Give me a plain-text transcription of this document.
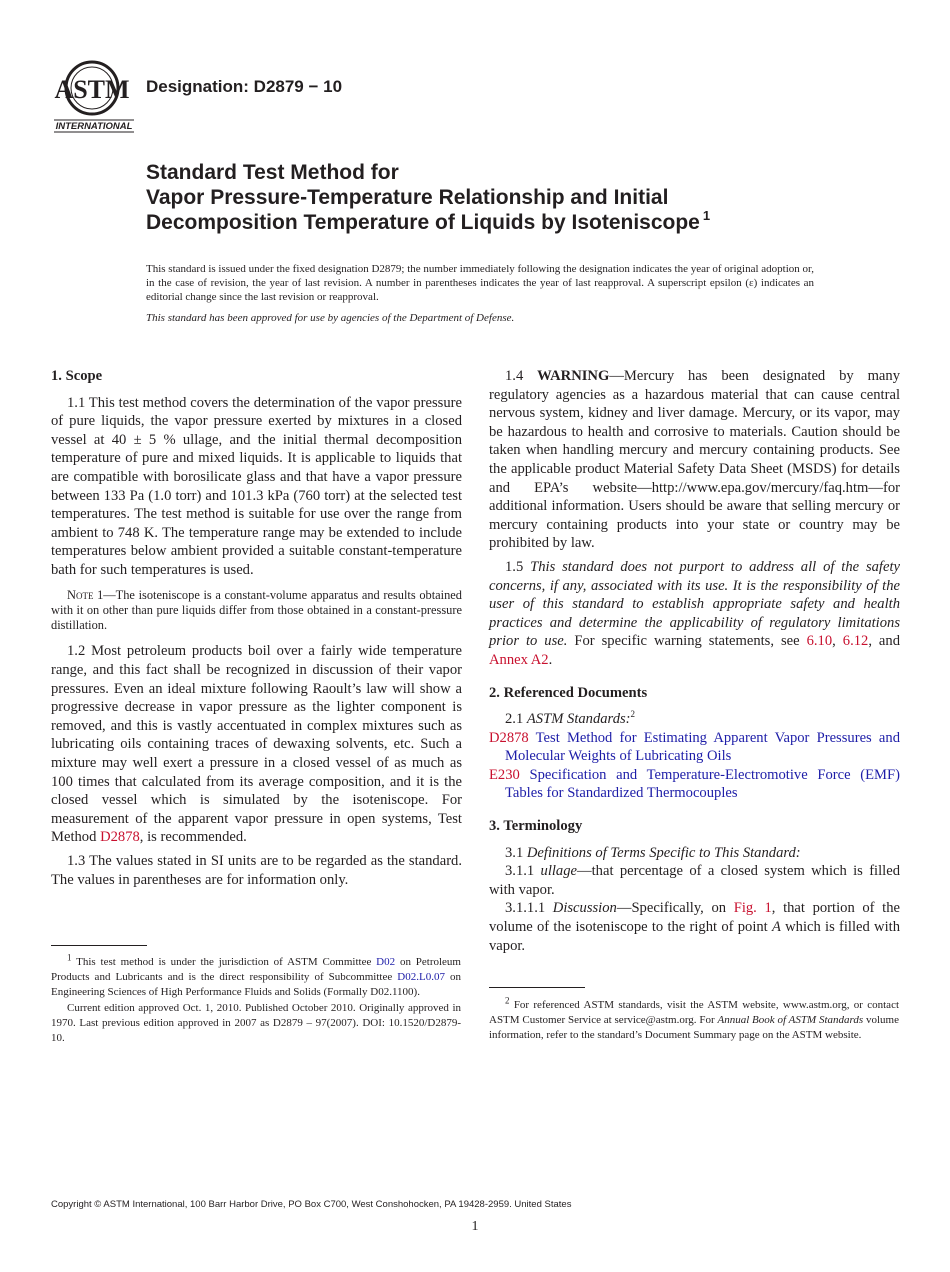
ASTM
INTERNATIONAL
Designation: D2879 − 10
Standard Test Method for
Vapor Pressure-Temperature Relationship and Initial
Decomposition Temperature of Liquids by Isoteniscope $^1$
This standard is issued under the fixed designation D2879; the number immediately following the designation indicates the year of original adoption or, in the case of revision, the year of last revision. A number in parentheses indicates the year of last reapproval. A superscript epsilon (ε) indicates an editorial change since the last revision or reapproval.
This standard has been approved for use by agencies of the Department of Defense.

1. Scope

1.1 This test method covers the determination of the vapor pressure of pure liquids, the vapor pressure exerted by mixtures in a closed vessel at 40 ± 5 % ullage, and the initial thermal decomposition temperature of pure and mixed liquids. It is applicable to liquids that are compatible with borosilicate glass and that have a vapor pressure between 133 Pa (1.0 torr) and 101.3 kPa (760 torr) at the selected test temperatures. The test method is suitable for use over the range from ambient to 748 K. The temperature range may be extended to include temperatures below ambient provided a suitable constant-temperature bath for such temperatures is used.

Note 1—The isoteniscope is a constant-volume apparatus and results obtained with it on other than pure liquids differ from those obtained in a constant-pressure distillation.

1.2 Most petroleum products boil over a fairly wide temperature range, and this fact shall be recognized in discussion of their vapor pressures. Even an ideal mixture following Raoult’s law will show a progressive decrease in vapor pressure as the lighter component is removed, and this is vastly accentuated in complex mixtures such as lubricating oils containing traces of dewaxing solvents, etc. Such a mixture may well exert a pressure in a closed vessel of as much as 100 times that calculated from its average composition, and it is the closed vessel which is simulated by the isoteniscope. For measurement of the apparent vapor pressure in open systems, Test Method D2878, is recommended.

1.3 The values stated in SI units are to be regarded as the standard. The values in parentheses are for information only.

$^1$ This test method is under the jurisdiction of ASTM Committee D02 on Petroleum Products and Lubricants and is the direct responsibility of Subcommittee D02.L0.07 on Engineering Sciences of High Performance Fluids and Solids (Formally D02.1100).

Current edition approved Oct. 1, 2010. Published October 2010. Originally approved in 1970. Last previous edition approved in 2007 as D2879 – 97(2007). DOI: 10.1520/D2879-10.

1.4 WARNING—Mercury has been designated by many regulatory agencies as a hazardous material that can cause central nervous system, kidney and liver damage. Mercury, or its vapor, may be hazardous to health and corrosive to materials. Caution should be taken when handling mercury and mercury containing products. See the applicable product Material Safety Data Sheet (MSDS) for details and EPA’s website—http://www.epa.gov/mercury/faq.htm—for additional information. Users should be aware that selling mercury or mercury containing products into your state or country may be prohibited by law.

1.5 This standard does not purport to address all of the safety concerns, if any, associated with its use. It is the responsibility of the user of this standard to establish appropriate safety and health practices and determine the applicability of regulatory limitations prior to use. For specific warning statements, see 6.10, 6.12, and Annex A2.

2. Referenced Documents

2.1 ASTM Standards:$^2$

D2878 Test Method for Estimating Apparent Vapor Pressures and Molecular Weights of Lubricating Oils

E230 Specification and Temperature-Electromotive Force (EMF) Tables for Standardized Thermocouples

3. Terminology

3.1 Definitions of Terms Specific to This Standard:

3.1.1 ullage—that percentage of a closed system which is filled with vapor.

3.1.1.1 Discussion—Specifically, on Fig. 1, that portion of the volume of the isoteniscope to the right of point A which is filled with vapor.

$^2$ For referenced ASTM standards, visit the ASTM website, www.astm.org, or contact ASTM Customer Service at service@astm.org. For Annual Book of ASTM Standards volume information, refer to the standard’s Document Summary page on the ASTM website.

Copyright © ASTM International, 100 Barr Harbor Drive, PO Box C700, West Conshohocken, PA 19428-2959. United States
1
